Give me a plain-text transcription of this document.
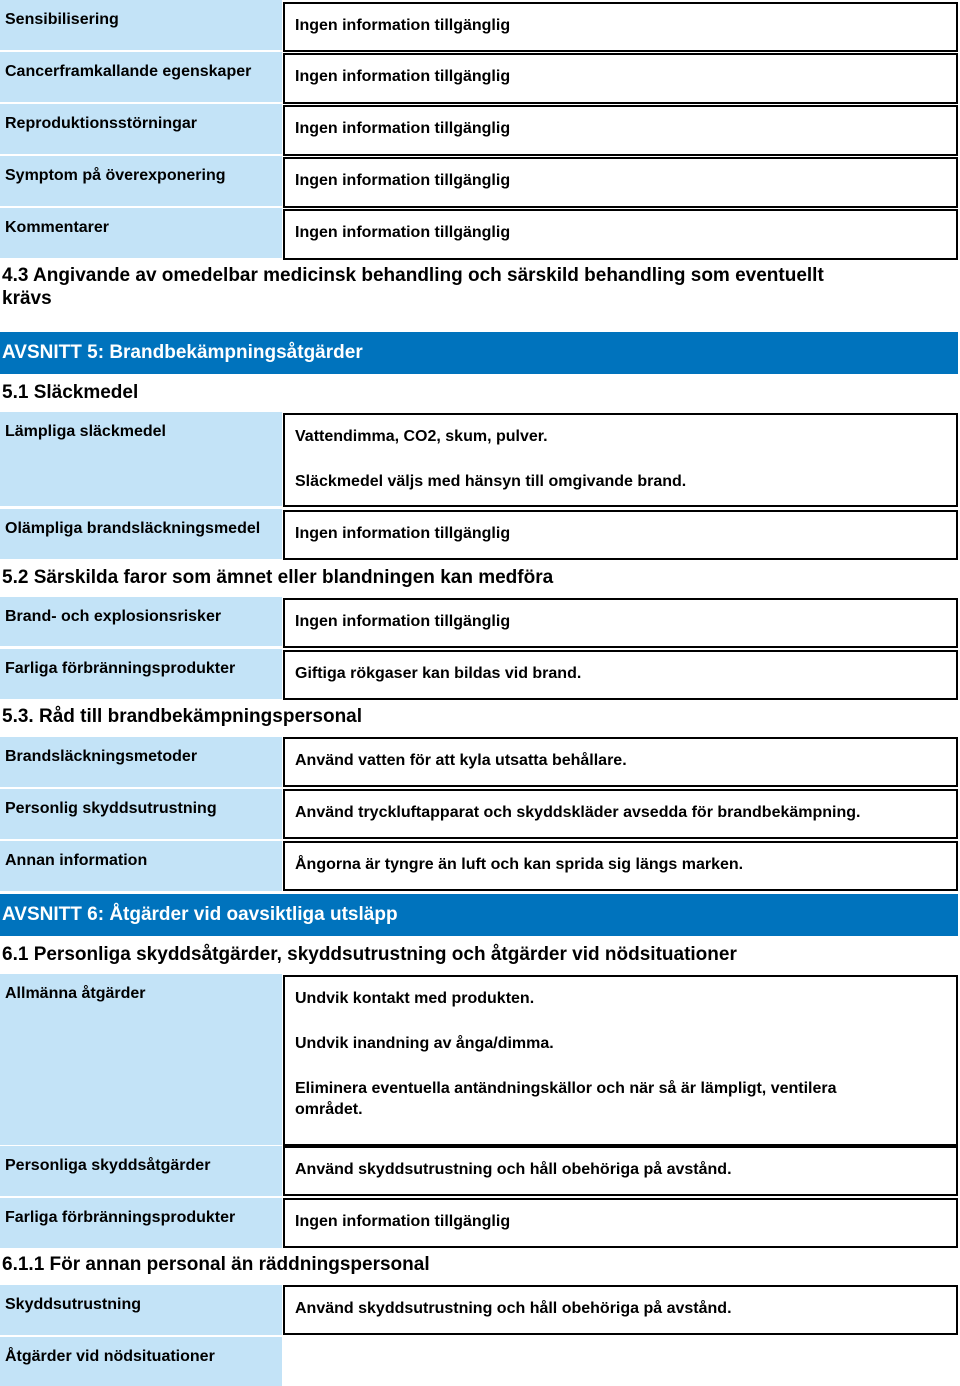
Sensibilisering	Ingen information tillgänglig
Cancerframkallande egenskaper	Ingen information tillgänglig
Reproduktionsstörningar	Ingen information tillgänglig
Symptom på överexponering	Ingen information tillgänglig
Kommentarer	Ingen information tillgänglig
4.3 Angivande av omedelbar medicinsk behandling och särskild behandling som eventuellt krävs
AVSNITT 5: Brandbekämpningsåtgärder
5.1 Släckmedel
Lämpliga släckmedel	Vattendimma, CO2, skum, pulver.

Släckmedel väljs med hänsyn till omgivande brand.

Olämpliga brandsläckningsmedel	Ingen information tillgänglig
5.2 Särskilda faror som ämnet eller blandningen kan medföra
Brand- och explosionsrisker	Ingen information tillgänglig
Farliga förbränningsprodukter	Giftiga rökgaser kan bildas vid brand.
5.3. Råd till brandbekämpningspersonal
Brandsläckningsmetoder	Använd vatten för att kyla utsatta behållare.
Personlig skyddsutrustning	Använd tryckluftapparat och skyddskläder avsedda för brandbekämpning.
Annan information	Ångorna är tyngre än luft och kan sprida sig längs marken.
AVSNITT 6: Åtgärder vid oavsiktliga utsläpp
6.1 Personliga skyddsåtgärder, skyddsutrustning och åtgärder vid nödsituationer
Allmänna åtgärder	Undvik kontakt med produkten.

Undvik inandning av ånga/dimma.

Eliminera eventuella antändningskällor och när så är lämpligt, ventilera området.

Personliga skyddsåtgärder	Använd skyddsutrustning och håll obehöriga på avstånd.
Farliga förbränningsprodukter	Ingen information tillgänglig
6.1.1 För annan personal än räddningspersonal
Skyddsutrustning	Använd skyddsutrustning och håll obehöriga på avstånd.
Åtgärder vid nödsituationer
